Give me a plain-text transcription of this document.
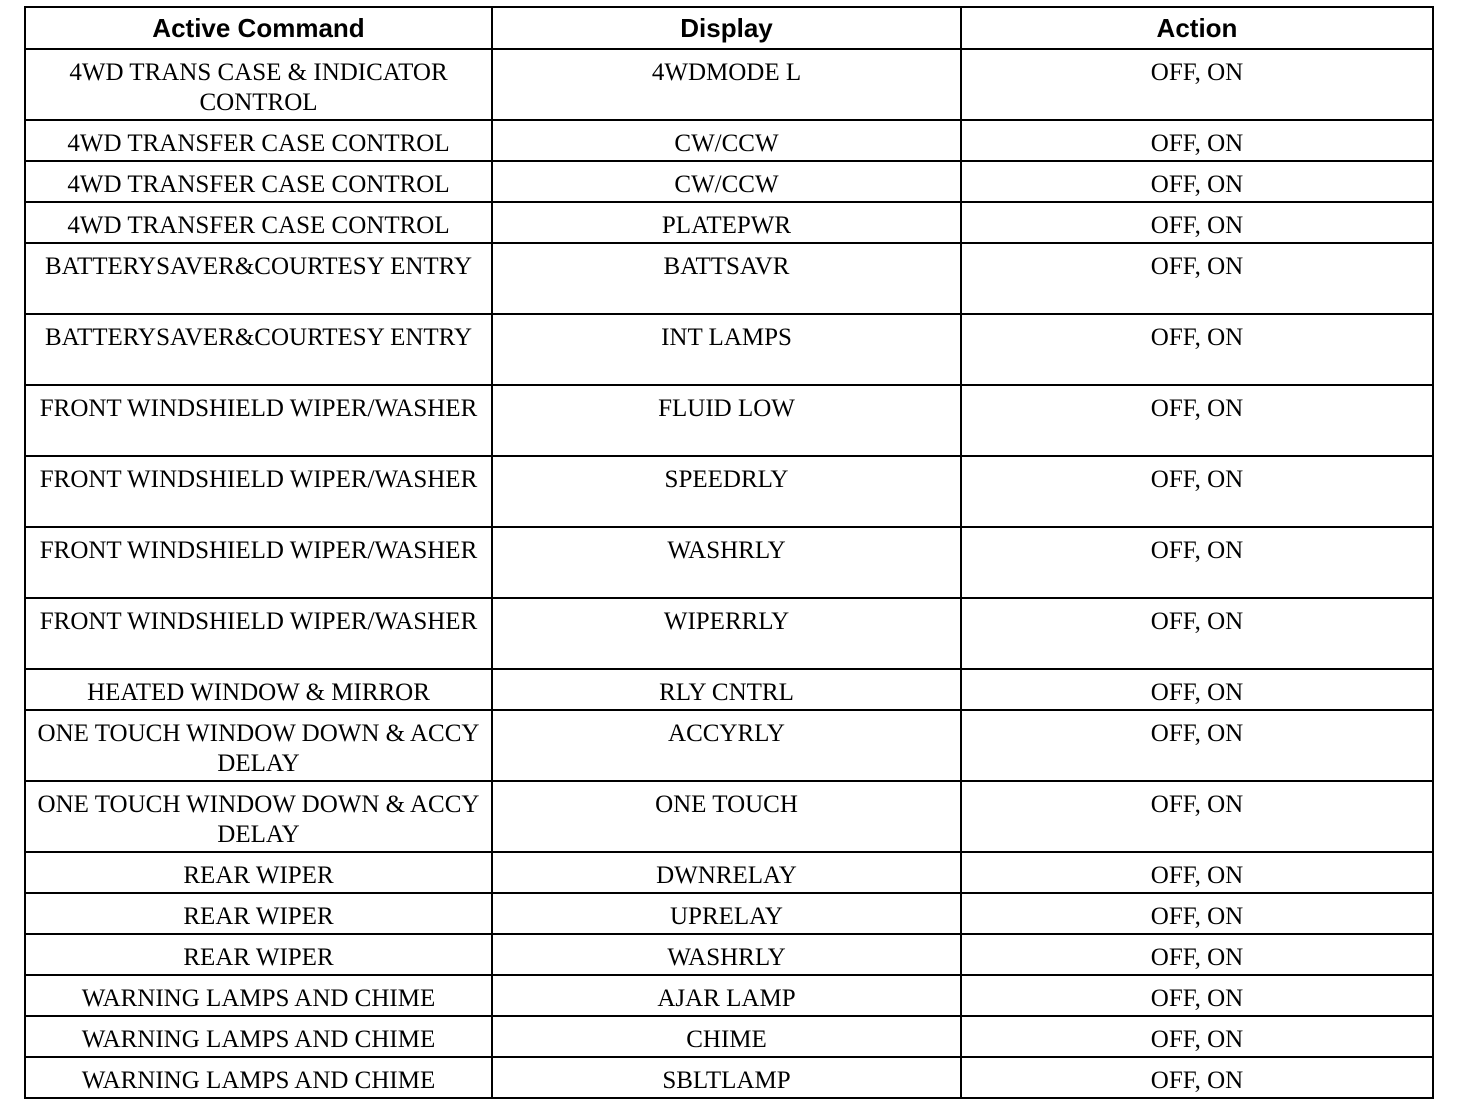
Active Command	Display	Action
4WD TRANS CASE & INDICATOR CONTROL	4WDMODE L	OFF, ON
4WD TRANSFER CASE CONTROL	CW/CCW	OFF, ON
4WD TRANSFER CASE CONTROL	CW/CCW	OFF, ON
4WD TRANSFER CASE CONTROL	PLATEPWR	OFF, ON
BATTERYSAVER&COURTESY ENTRY	BATTSAVR	OFF, ON
BATTERYSAVER&COURTESY ENTRY	INT LAMPS	OFF, ON
FRONT WINDSHIELD WIPER/WASHER	FLUID LOW	OFF, ON
FRONT WINDSHIELD WIPER/WASHER	SPEEDRLY	OFF, ON
FRONT WINDSHIELD WIPER/WASHER	WASHRLY	OFF, ON
FRONT WINDSHIELD WIPER/WASHER	WIPERRLY	OFF, ON
HEATED WINDOW & MIRROR	RLY CNTRL	OFF, ON
ONE TOUCH WINDOW DOWN & ACCY DELAY	ACCYRLY	OFF, ON
ONE TOUCH WINDOW DOWN & ACCY DELAY	ONE TOUCH	OFF, ON
REAR WIPER	DWNRELAY	OFF, ON
REAR WIPER	UPRELAY	OFF, ON
REAR WIPER	WASHRLY	OFF, ON
WARNING LAMPS AND CHIME	AJAR LAMP	OFF, ON
WARNING LAMPS AND CHIME	CHIME	OFF, ON
WARNING LAMPS AND CHIME	SBLTLAMP	OFF, ON
